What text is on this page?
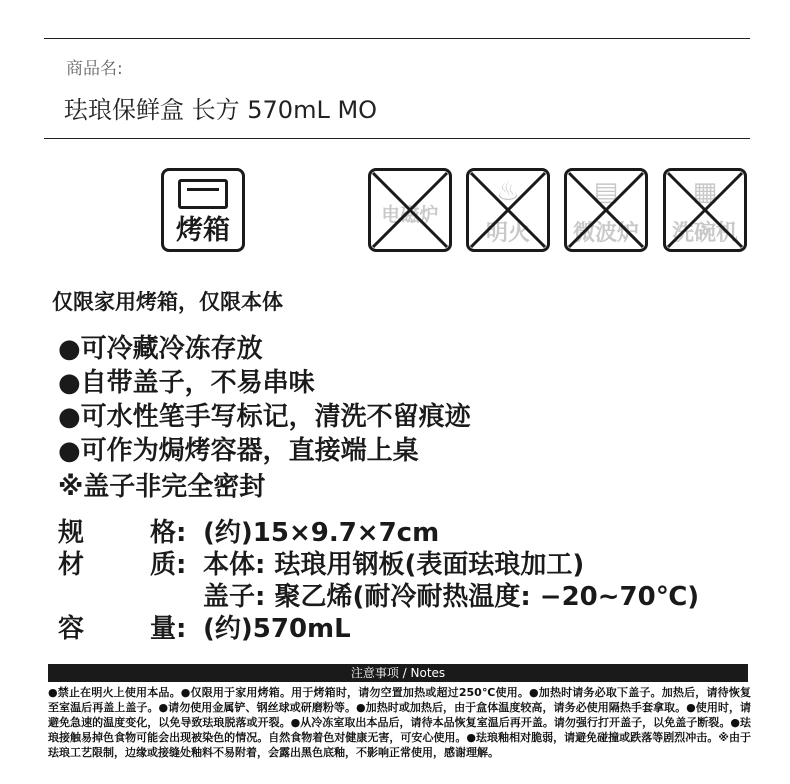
商品名:
珐琅保鲜盒 长方 570mL MO
烤箱	电磁炉
♨
明火
▤
微波炉
▦
洗碗机
仅限家用烤箱，仅限本体
●可冷藏冷冻存放
●自带盖子，不易串味
●可水性笔手写标记，清洗不留痕迹
●可作为焗烤容器，直接端上桌
※盖子非完全密封
规	格: (约)15×9.7×7cm
材	质: 本体: 珐琅用钢板(表面珐琅加工)
盖子: 聚乙烯(耐冷耐热温度: −20~70℃)
容	量: (约)570mL
注意事项 / Notes
●禁止在明火上使用本品。●仅限用于家用烤箱。用于烤箱时，请勿空置加热或超过250℃使用。●加热时请务必取下盖子。加热后，请待恢复至室温后再盖上盖子。●请勿使用金属铲、钢丝球或研磨粉等。●加热时或加热后，由于盒体温度较高，请务必使用隔热手套拿取。●使用时，请避免急速的温度变化，以免导致珐琅脱落或开裂。●从冷冻室取出本品后，请待本品恢复室温后再开盖。请勿强行打开盖子，以免盖子断裂。●珐琅接触易掉色食物可能会出现被染色的情况。自然食物着色对健康无害，可安心使用。●珐琅釉相对脆弱，请避免碰撞或跌落等剧烈冲击。※由于珐琅工艺限制，边缘或接缝处釉料不易附着，会露出黑色底釉，不影响正常使用，感谢理解。
